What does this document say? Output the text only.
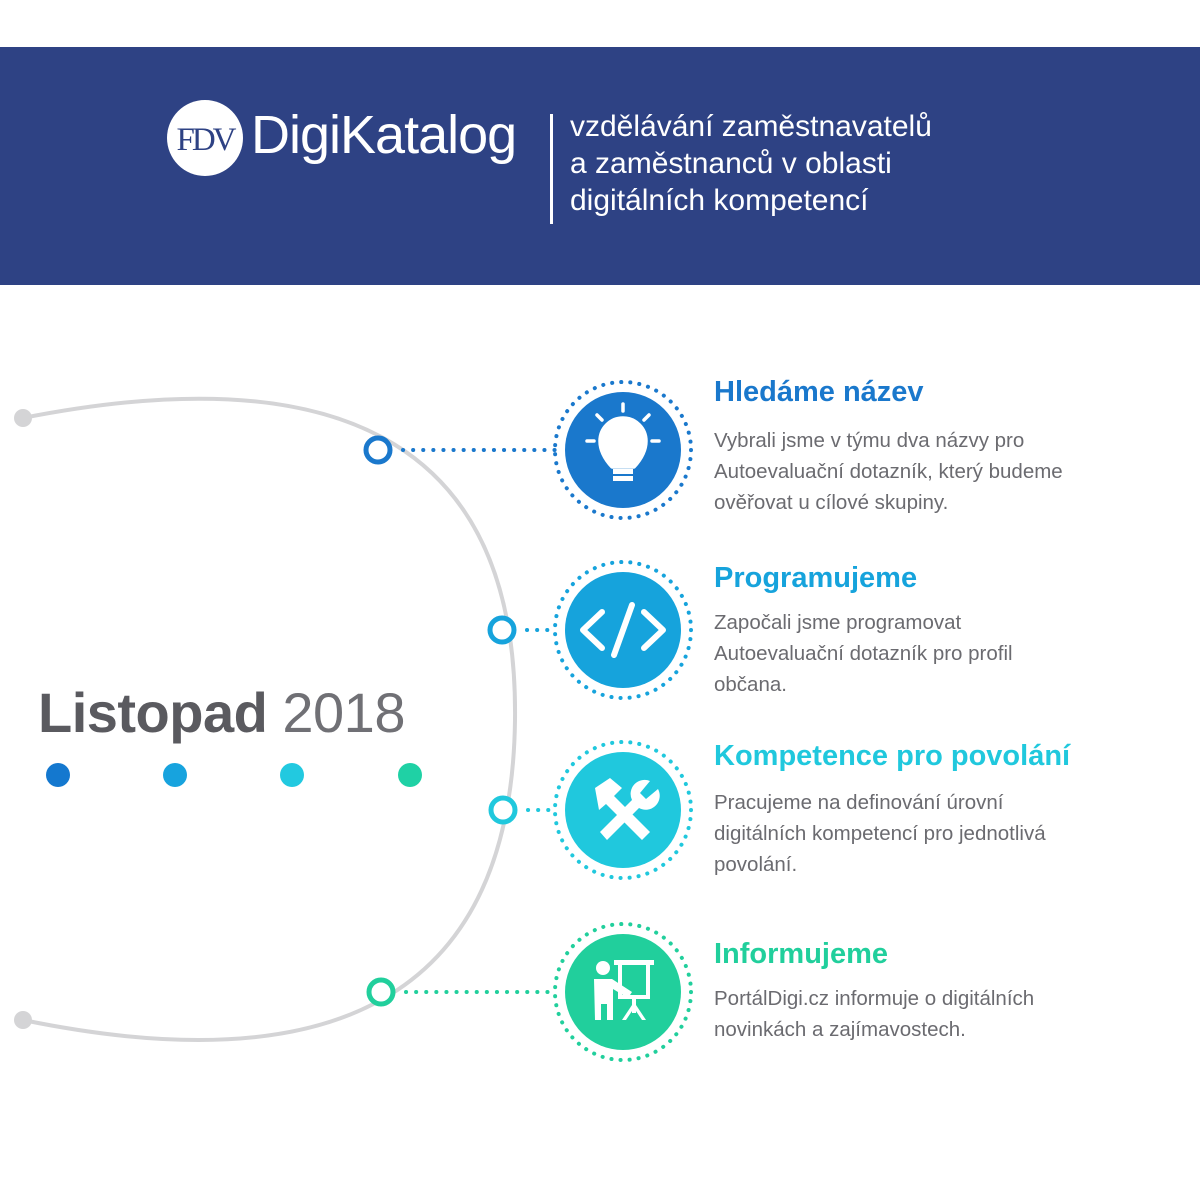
FDV DigiKatalog vzdělávání zaměstnavatelů
a zaměstnanců v oblasti
digitálních kompetencí
Listopad 2018
Hledáme název
Vybrali jsme v týmu dva názvy pro
Autoevaluační dotazník, který budeme
ověřovat u cílové skupiny.
Programujeme
Započali jsme programovat
Autoevaluační dotazník pro profil
občana.
Kompetence pro povolání
Pracujeme na definování úrovní
digitálních kompetencí pro jednotlivá
povolání.
Informujeme
PortálDigi.cz informuje o digitálních
novinkách a zajímavostech.
